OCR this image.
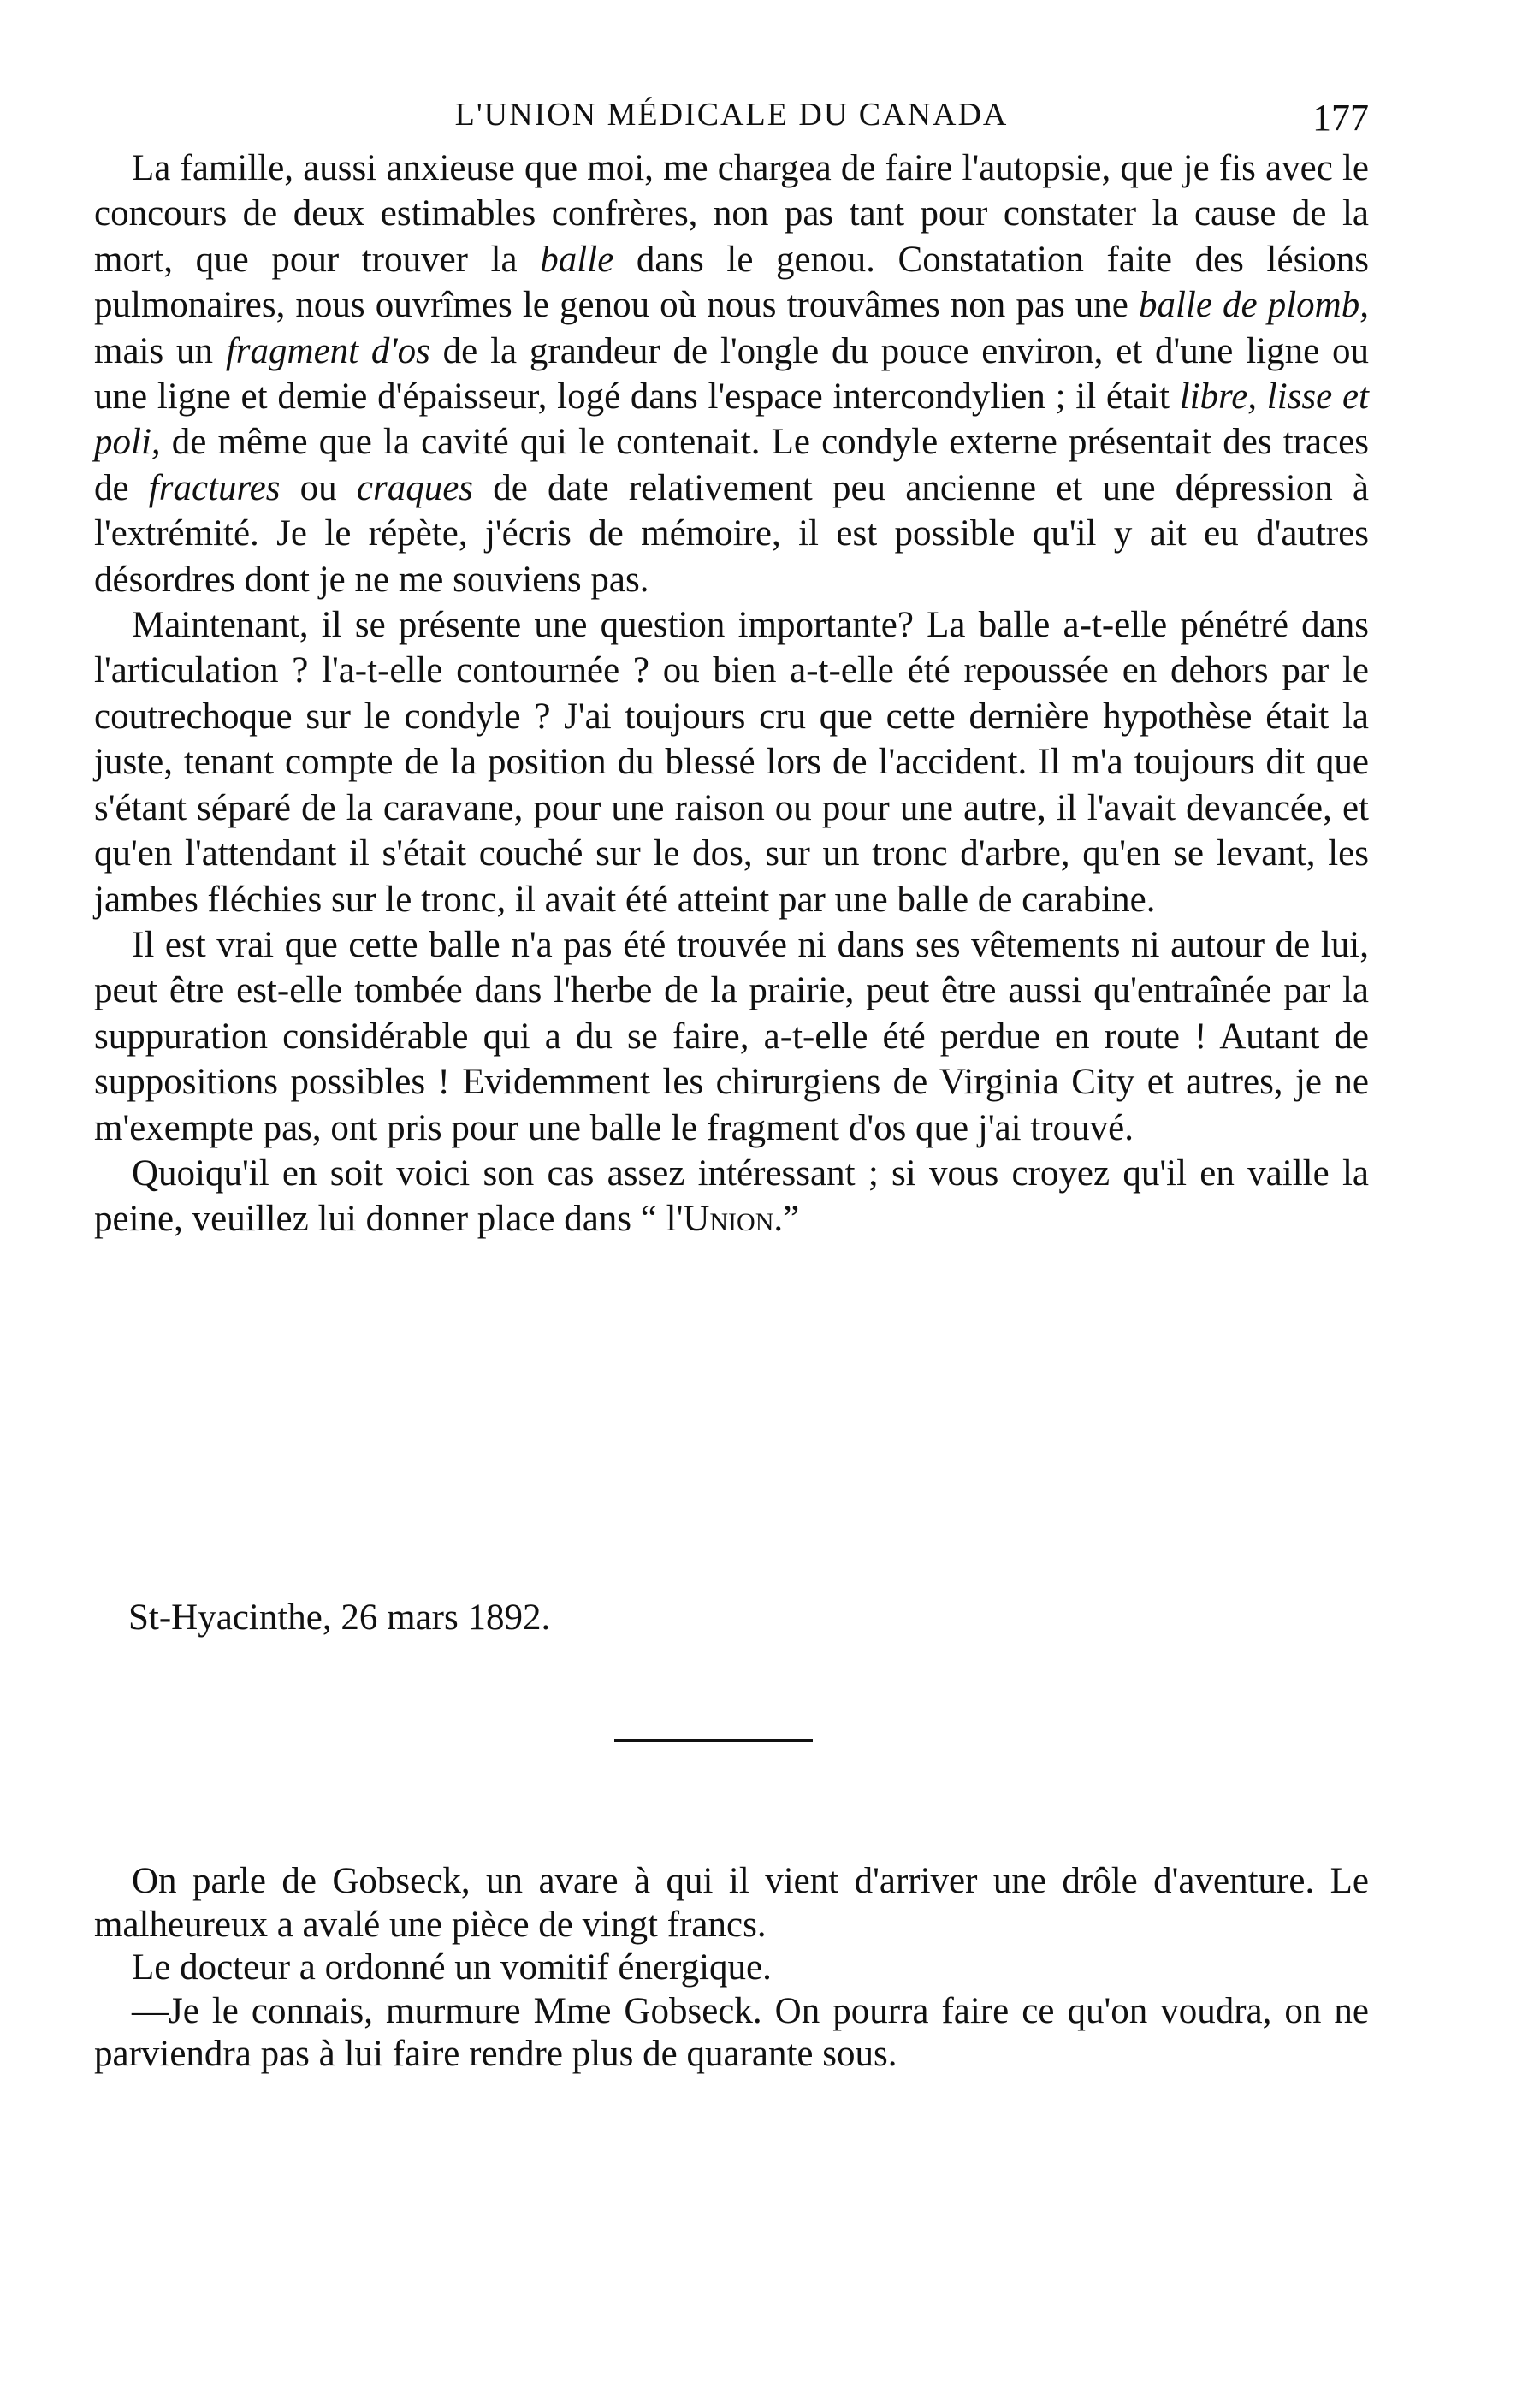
L'UNION MÉDICALE DU CANADA	177

La famille, aussi anxieuse que moi, me chargea de faire l'autopsie, que je fis avec le concours de deux estimables confrères, non pas tant pour constater la cause de la mort, que pour trouver la balle dans le genou. Constatation faite des lésions pulmonaires, nous ouvrîmes le genou où nous trouvâmes non pas une balle de plomb, mais un fragment d'os de la grandeur de l'ongle du pouce environ, et d'une ligne ou une ligne et demie d'épaisseur, logé dans l'espace intercondylien ; il était libre, lisse et poli, de même que la cavité qui le contenait. Le condyle externe présentait des traces de fractures ou craques de date relativement peu ancienne et une dépression à l'extrémité. Je le répète, j'écris de mémoire, il est possible qu'il y ait eu d'autres désordres dont je ne me souviens pas.

Maintenant, il se présente une question importante? La balle a-t-elle pénétré dans l'articulation ? l'a-t-elle contournée ? ou bien a-t-elle été repoussée en dehors par le coutrechoque sur le condyle ? J'ai toujours cru que cette dernière hypothèse était la juste, tenant compte de la position du blessé lors de l'accident. Il m'a toujours dit que s'étant séparé de la caravane, pour une raison ou pour une autre, il l'avait devancée, et qu'en l'attendant il s'était couché sur le dos, sur un tronc d'arbre, qu'en se levant, les jambes fléchies sur le tronc, il avait été atteint par une balle de carabine.

Il est vrai que cette balle n'a pas été trouvée ni dans ses vêtements ni autour de lui, peut être est-elle tombée dans l'herbe de la prairie, peut être aussi qu'entraînée par la suppuration considérable qui a du se faire, a-t-elle été perdue en route ! Autant de suppositions possibles ! Evidemment les chirurgiens de Virginia City et autres, je ne m'exempte pas, ont pris pour une balle le fragment d'os que j'ai trouvé.

Quoiqu'il en soit voici son cas assez intéressant ; si vous croyez qu'il en vaille la peine, veuillez lui donner place dans “ l'Union.”

St-Hyacinthe, 26 mars 1892.

On parle de Gobseck, un avare à qui il vient d'arriver une drôle d'aventure. Le malheureux a avalé une pièce de vingt francs.

Le docteur a ordonné un vomitif énergique.

—Je le connais, murmure Mme Gobseck. On pourra faire ce qu'on voudra, on ne parviendra pas à lui faire rendre plus de quarante sous.
